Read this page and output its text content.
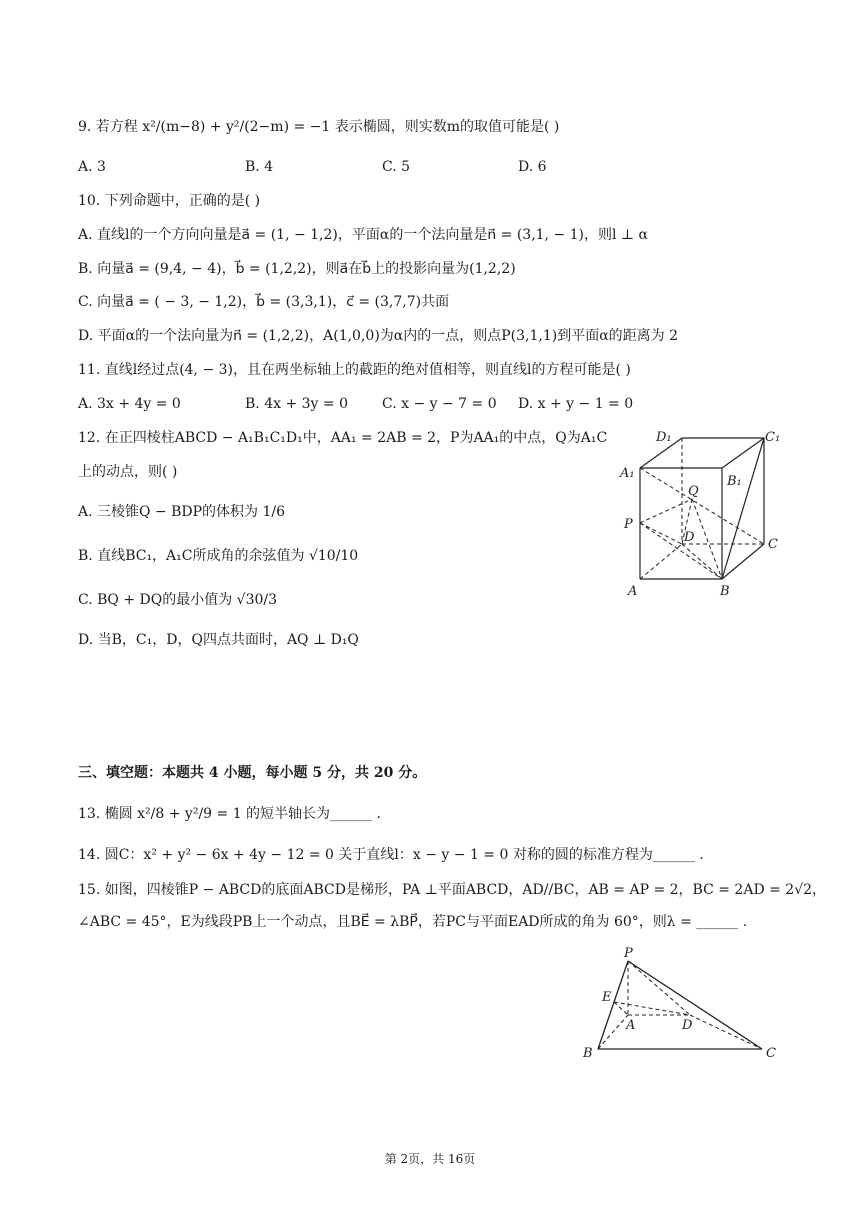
9. 若方程 x²/(m−8) + y²/(2−m) = −1 表示椭圆，则实数m的取值可能是( )
A. 3	B. 4	C. 5	D. 6
10. 下列命题中，正确的是( )
A. 直线l的一个方向向量是a⃗ = (1, − 1,2)，平面α的一个法向量是n⃗ = (3,1, − 1)，则l ⊥ α
B. 向量a⃗ = (9,4, − 4)，b⃗ = (1,2,2)，则a⃗在b⃗上的投影向量为(1,2,2)
C. 向量a⃗ = ( − 3, − 1,2)，b⃗ = (3,3,1)，c⃗ = (3,7,7)共面
D. 平面α的一个法向量为n⃗ = (1,2,2)，A(1,0,0)为α内的一点，则点P(3,1,1)到平面α的距离为 2
11. 直线l经过点(4, − 3)，且在两坐标轴上的截距的绝对值相等，则直线l的方程可能是( )
A. 3x + 4y = 0	B. 4x + 3y = 0 C. x − y − 7 = 0 D. x + y − 1 = 0
12. 在正四棱柱ABCD − A₁B₁C₁D₁中，AA₁ = 2AB = 2，P为AA₁的中点，Q为A₁C
上的动点，则( )
A. 三棱锥Q − BDP的体积为 1/6
B. 直线BC₁，A₁C所成角的余弦值为 √10/10
C. BQ + DQ的最小值为 √30/3
D. 当B，C₁，D，Q四点共面时，AQ ⊥ D₁Q
D₁	C₁
A₁
B₁
Q
P
D	C
A	B
三、填空题：本题共 4 小题，每小题 5 分，共 20 分。
13. 椭圆 x²/8 + y²/9 = 1 的短半轴长为______ .
14. 圆C：x² + y² − 6x + 4y − 12 = 0 关于直线l：x − y − 1 = 0 对称的圆的标准方程为______ .
15. 如图，四棱锥P − ABCD的底面ABCD是梯形，PA ⊥平面ABCD，AD//BC，AB = AP = 2，BC = 2AD = 2√2，
∠ABC = 45°，E为线段PB上一个动点，且BE⃗ = λBP⃗，若PC与平面EAD所成的角为 60°，则λ = ______ .
P
E
A	D
B	C
第 2页，共 16页
